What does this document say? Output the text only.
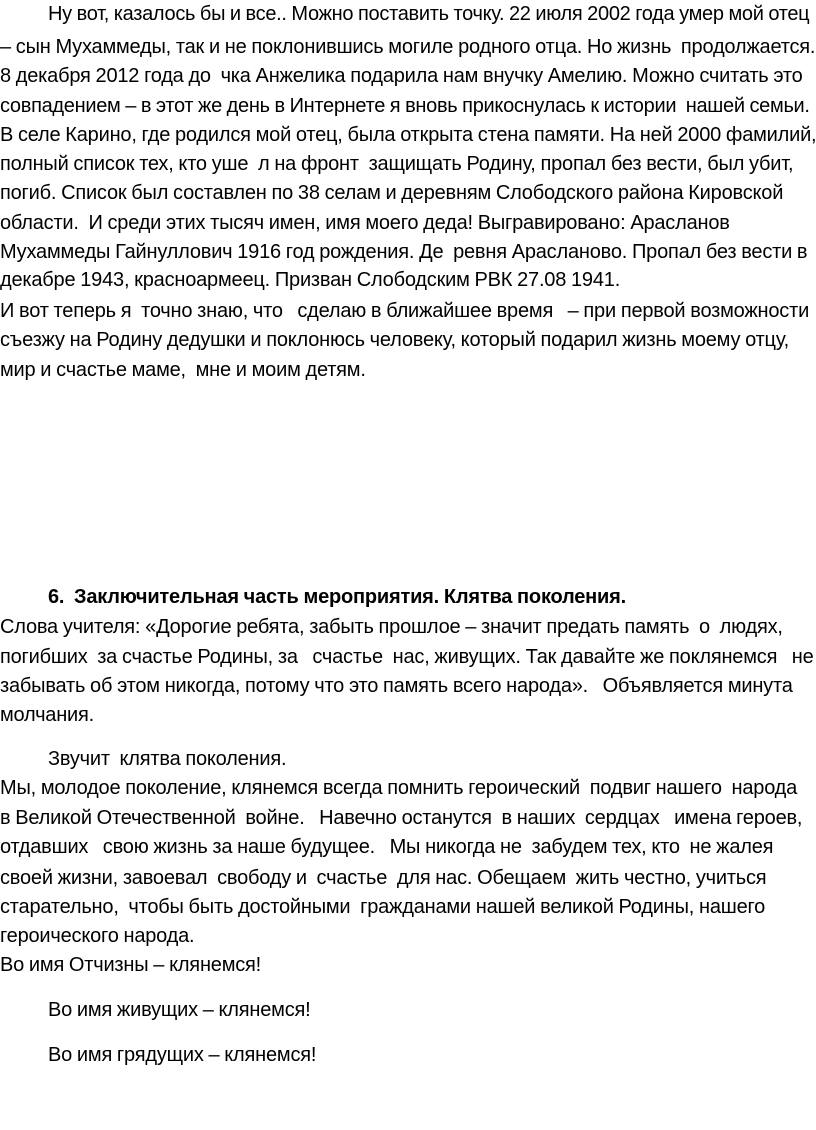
Ну вот, казалось бы и все.. Можно поставить точку. 22 июля 2002 года умер мой отец
– сын Мухаммеды, так и не поклонившись могиле родного отца. Но жизнь  продолжается.
8 декабря 2012 года до  чка Анжелика подарила нам внучку Амелию. Можно считать это
совпадением – в этот же день в Интернете я вновь прикоснулась к истории  нашей семьи.
В селе Карино, где родился мой отец, была открыта стена памяти. На ней 2000 фамилий,
полный список тех, кто уше  л на фронт  защищать Родину, пропал без вести, был убит,
погиб. Список был составлен по 38 селам и деревням Слободского района Кировской
области.  И среди этих тысяч имен, имя моего деда! Выгравировано: Арасланов
Мухаммеды Гайнуллович 1916 год рождения. Де  ревня Арасланово. Пропал без вести в
декабре 1943, красноармеец. Призван Слободским РВК 27.08 1941.
И вот теперь я  точно знаю, что   сделаю в ближайшее время   – при первой возможности
съезжу на Родину дедушки и поклонюсь человеку, который подарил жизнь моему отцу,
мир и счастье маме,  мне и моим детям.
6.  Заключительная часть мероприятия. Клятва поколения.
Слова учителя: «Дорогие ребята, забыть прошлое – значит предать память  о  людях,
погибших  за счастье Родины, за   счастье  нас, живущих. Так давайте же поклянемся   не
забывать об этом никогда, потому что это память всего народа».   Объявляется минута
молчания.
Звучит  клятва поколения.
Мы, молодое поколение, клянемся всегда помнить героический  подвиг нашего  народа
в Великой Отечественной  войне.   Навечно останутся  в наших  сердцах   имена героев,
отдавших   свою жизнь за наше будущее.   Мы никогда не  забудем тех, кто  не жалея
своей жизни, завоевал  свободу и  счастье  для нас. Обещаем  жить честно, учиться
старательно,  чтобы быть достойными  гражданами нашей великой Родины, нашего
героического народа.
Во имя Отчизны – клянемся!
Во имя живущих – клянемся!
Во имя грядущих – клянемся!
